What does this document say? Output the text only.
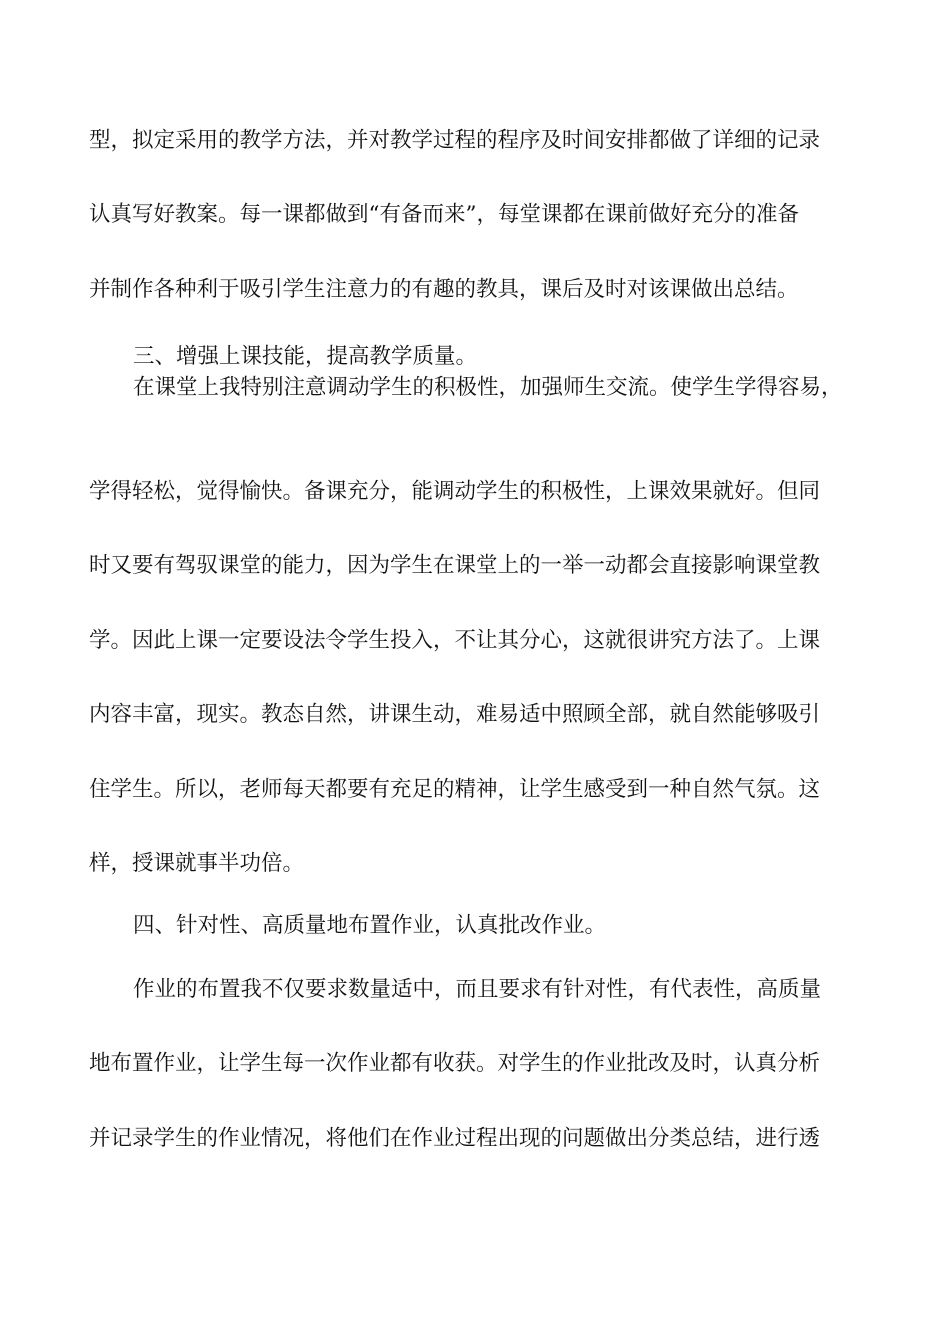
型，拟定采用的教学方法，并对教学过程的程序及时间安排都做了详细的记录
认真写好教案。每一课都做到“有备而来”，每堂课都在课前做好充分的准备
并制作各种利于吸引学生注意力的有趣的教具，课后及时对该课做出总结。
三、增强上课技能，提高教学质量。
在课堂上我特别注意调动学生的积极性，加强师生交流。使学生学得容易，
学得轻松，觉得愉快。备课充分，能调动学生的积极性，上课效果就好。但同
时又要有驾驭课堂的能力，因为学生在课堂上的一举一动都会直接影响课堂教
学。因此上课一定要设法令学生投入，不让其分心，这就很讲究方法了。上课
内容丰富，现实。教态自然，讲课生动，难易适中照顾全部，就自然能够吸引
住学生。所以，老师每天都要有充足的精神，让学生感受到一种自然气氛。这
样，授课就事半功倍。
四、针对性、高质量地布置作业，认真批改作业。
作业的布置我不仅要求数量适中，而且要求有针对性，有代表性，高质量
地布置作业，让学生每一次作业都有收获。对学生的作业批改及时，认真分析
并记录学生的作业情况，将他们在作业过程出现的问题做出分类总结，进行透
